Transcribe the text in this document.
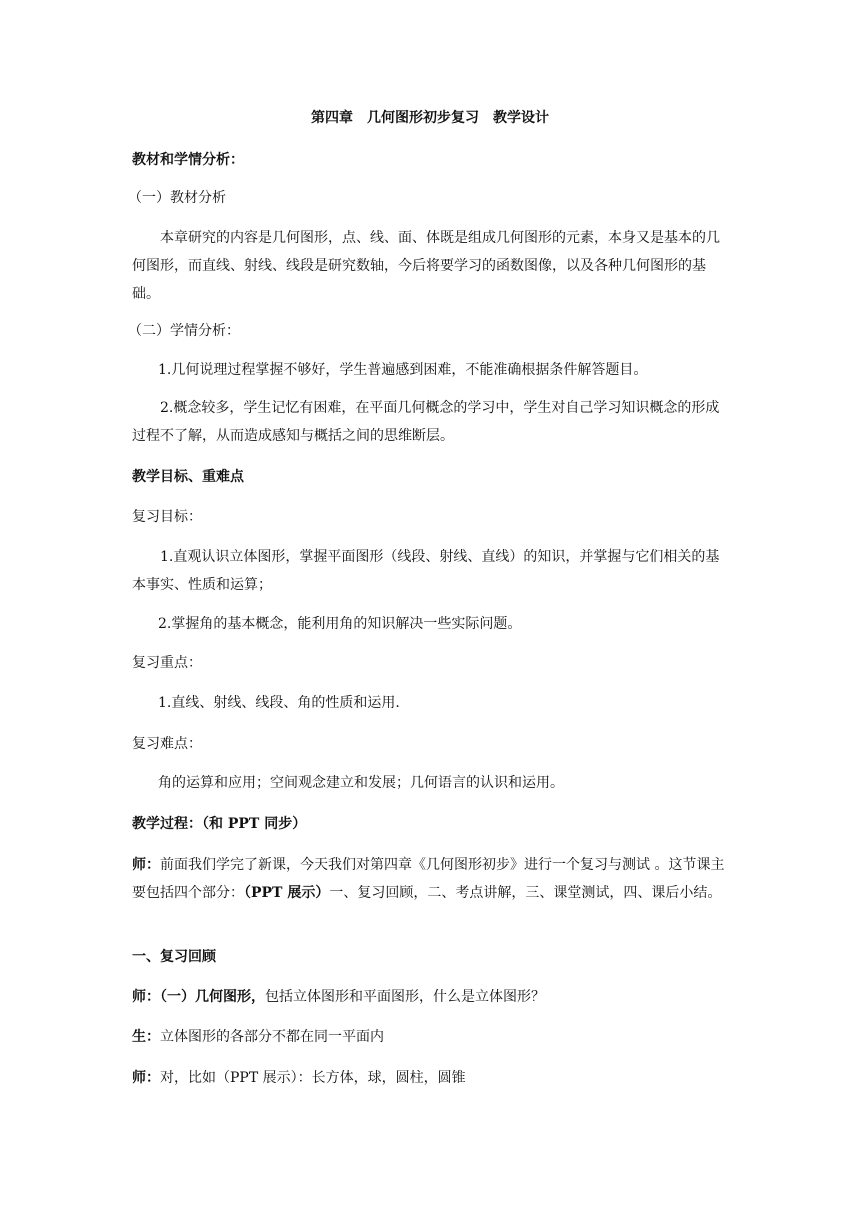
第四章　几何图形初步复习　教学设计
教材和学情分析：
（一）教材分析
本章研究的内容是几何图形，点、线、面、体既是组成几何图形的元素，本身又是基本的几何图形，而直线、射线、线段是研究数轴，今后将要学习的函数图像，以及各种几何图形的基础。
（二）学情分析：
1.几何说理过程掌握不够好，学生普遍感到困难，不能准确根据条件解答题目。
2.概念较多，学生记忆有困难，在平面几何概念的学习中，学生对自己学习知识概念的形成过程不了解，从而造成感知与概括之间的思维断层。
教学目标、重难点
复习目标：
1.直观认识立体图形，掌握平面图形（线段、射线、直线）的知识，并掌握与它们相关的基本事实、性质和运算；
2.掌握角的基本概念，能利用角的知识解决一些实际问题。
复习重点：
1.直线、射线、线段、角的性质和运用.
复习难点：
角的运算和应用；空间观念建立和发展；几何语言的认识和运用。
教学过程：（和 PPT 同步）
师：前面我们学完了新课，今天我们对第四章《几何图形初步》进行一个复习与测试 。这节课主要包括四个部分：（PPT 展示）一、复习回顾，二、考点讲解，三、课堂测试，四、课后小结。
一、复习回顾
师：（一）几何图形，包括立体图形和平面图形，什么是立体图形？
生：立体图形的各部分不都在同一平面内
师：对，比如（PPT 展示）：长方体，球，圆柱，圆锥
